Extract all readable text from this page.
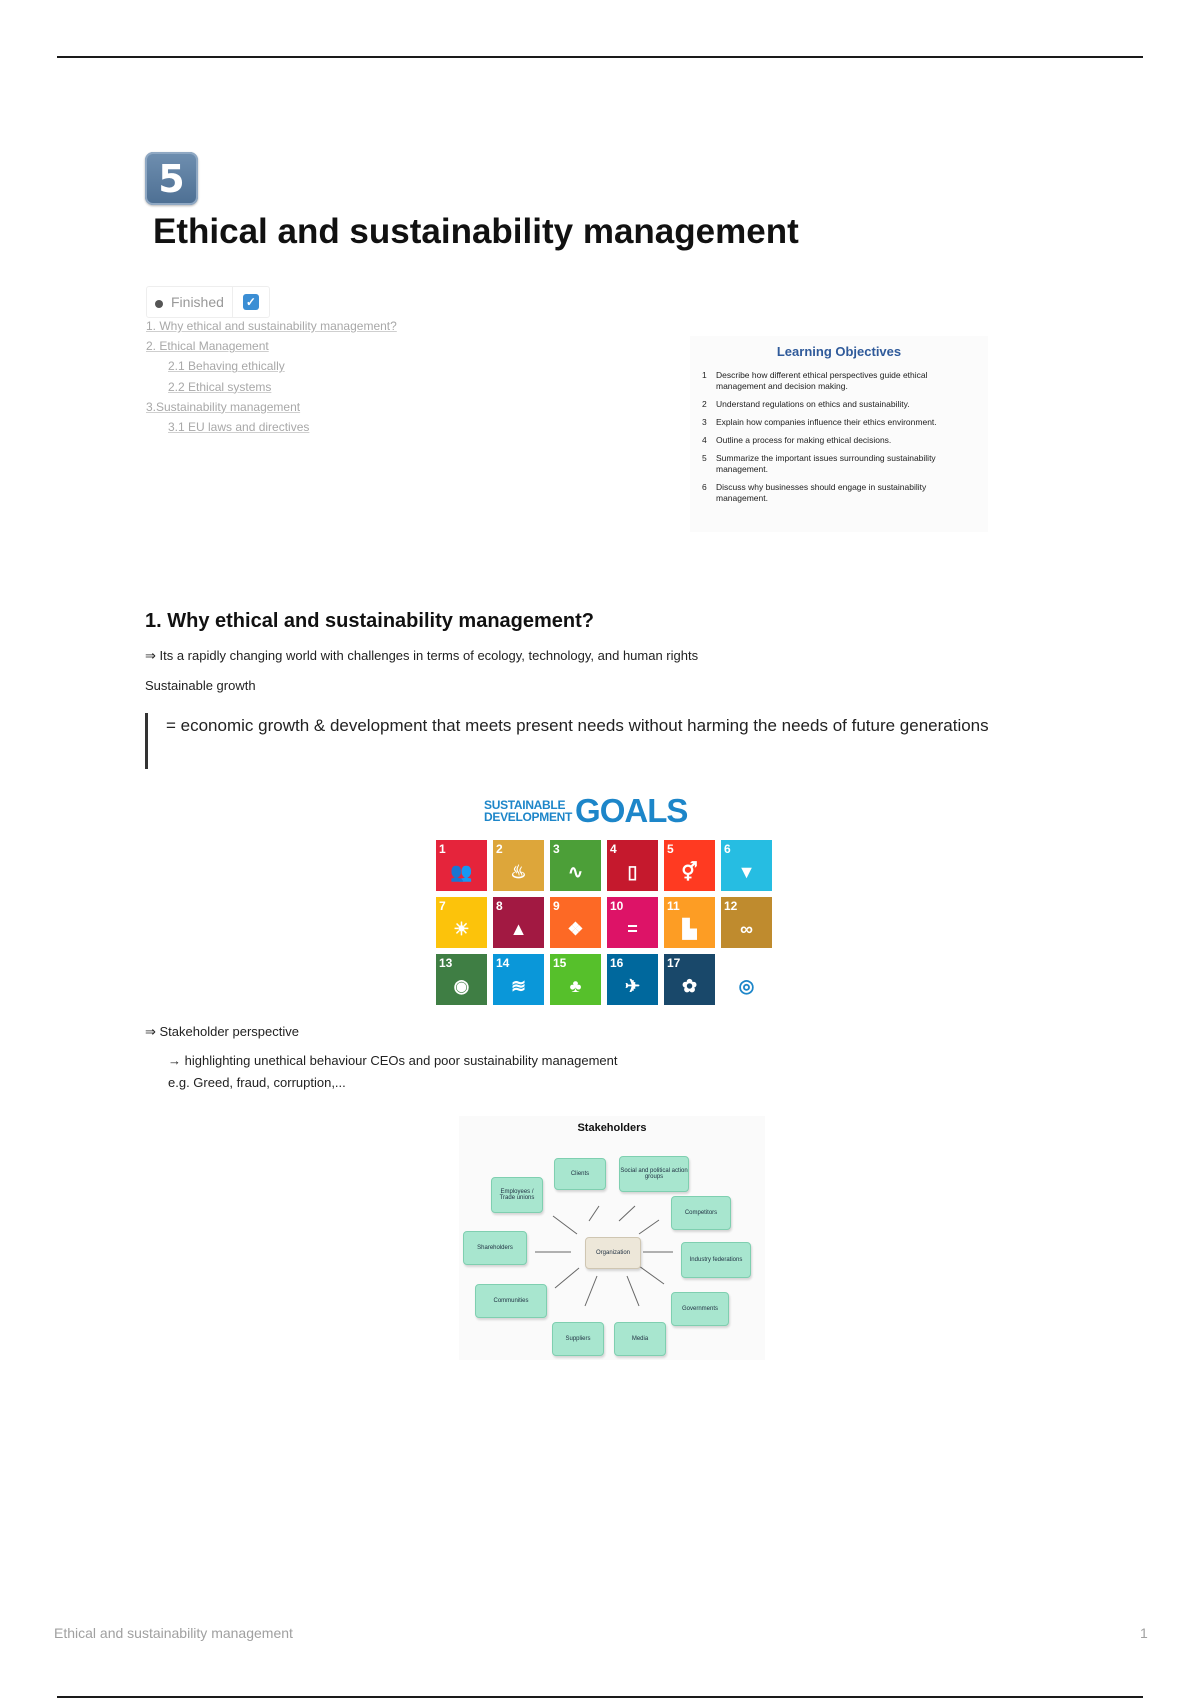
5
Ethical and sustainability management
Finished ✓
1. Why ethical and sustainability management?
2. Ethical Management
2.1 Behaving ethically
2.2 Ethical systems
3.Sustainability management
3.1 EU laws and directives
Learning Objectives
1	Describe how different ethical perspectives guide ethical management and decision making.
2	Understand regulations on ethics and sustainability.
3	Explain how companies influence their ethics environment.
4	Outline a process for making ethical decisions.
5	Summarize the important issues surrounding sustainability management.
6	Discuss why businesses should engage in sustainability management.
1. Why ethical and sustainability management?
⇒ Its a rapidly changing world with challenges in terms of ecology, technology, and human rights
Sustainable growth
= economic growth & development that meets present needs without harming the needs of future generations
SUSTAINABLE
DEVELOPMENT GOALS
1
👥
2
♨
3
∿
4
▯
5
⚥
6
▼
7
☀
8
▲
9
❖
10
=
11
▙
12
∞
13
◉
14
≋
15
♣
16
✈
17
✿	◎
⇒ Stakeholder perspective
→ highlighting unethical behaviour CEOs and poor sustainability management
e.g. Greed, fraud, corruption,...
Stakeholders
Organization
Clients	Social and political action groups
Competitors
Industry federations
Governments
Media
Suppliers
Communities
Shareholders
Employees / Trade unions
Ethical and sustainability management	1
